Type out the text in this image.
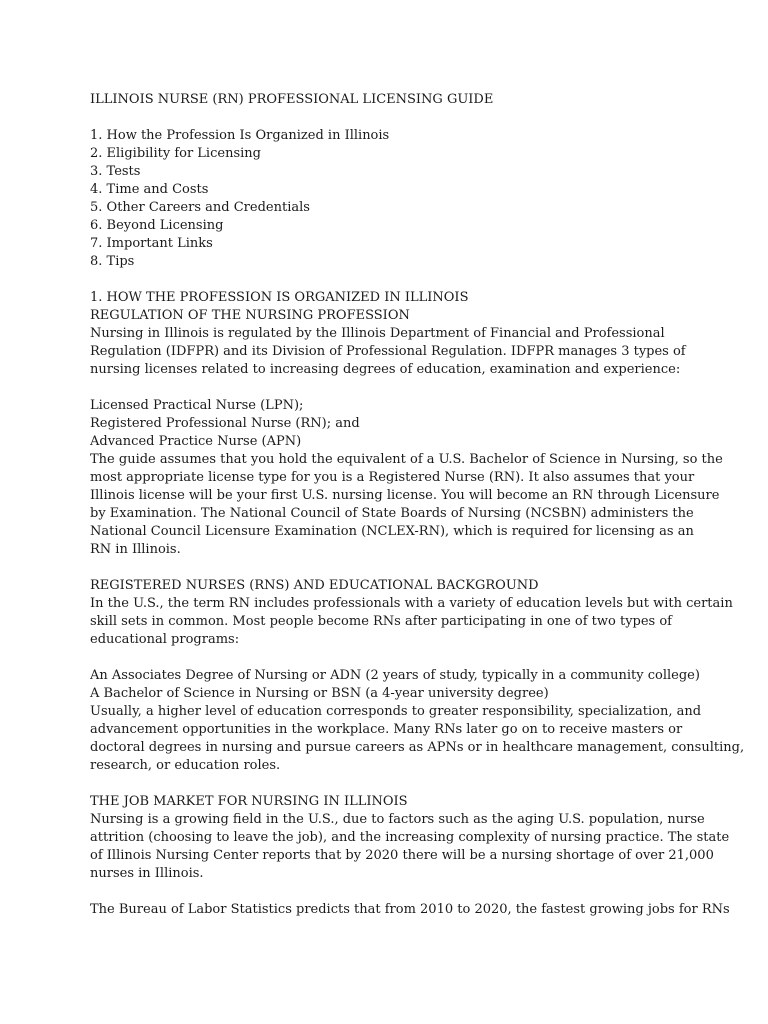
ILLINOIS NURSE (RN) PROFESSIONAL LICENSING GUIDE
1. How the Profession Is Organized in Illinois
2. Eligibility for Licensing
3. Tests
4. Time and Costs
5. Other Careers and Credentials
6. Beyond Licensing
7. Important Links
8. Tips
1. HOW THE PROFESSION IS ORGANIZED IN ILLINOIS
REGULATION OF THE NURSING PROFESSION
Nursing in Illinois is regulated by the Illinois Department of Financial and Professional
Regulation (IDFPR) and its Division of Professional Regulation. IDFPR manages 3 types of
nursing licenses related to increasing degrees of education, examination and experience:
Licensed Practical Nurse (LPN);
Registered Professional Nurse (RN); and
Advanced Practice Nurse (APN)
The guide assumes that you hold the equivalent of a U.S. Bachelor of Science in Nursing, so the
most appropriate license type for you is a Registered Nurse (RN). It also assumes that your
Illinois license will be your first U.S. nursing license. You will become an RN through Licensure
by Examination. The National Council of State Boards of Nursing (NCSBN) administers the
National Council Licensure Examination (NCLEX-RN), which is required for licensing as an
RN in Illinois.
REGISTERED NURSES (RNS) AND EDUCATIONAL BACKGROUND
In the U.S., the term RN includes professionals with a variety of education levels but with certain
skill sets in common. Most people become RNs after participating in one of two types of
educational programs:
An Associates Degree of Nursing or ADN (2 years of study, typically in a community college)
A Bachelor of Science in Nursing or BSN (a 4-year university degree)
Usually, a higher level of education corresponds to greater responsibility, specialization, and
advancement opportunities in the workplace. Many RNs later go on to receive masters or
doctoral degrees in nursing and pursue careers as APNs or in healthcare management, consulting,
research, or education roles.
THE JOB MARKET FOR NURSING IN ILLINOIS
Nursing is a growing field in the U.S., due to factors such as the aging U.S. population, nurse
attrition (choosing to leave the job), and the increasing complexity of nursing practice. The state
of Illinois Nursing Center reports that by 2020 there will be a nursing shortage of over 21,000
nurses in Illinois.
The Bureau of Labor Statistics predicts that from 2010 to 2020, the fastest growing jobs for RNs
